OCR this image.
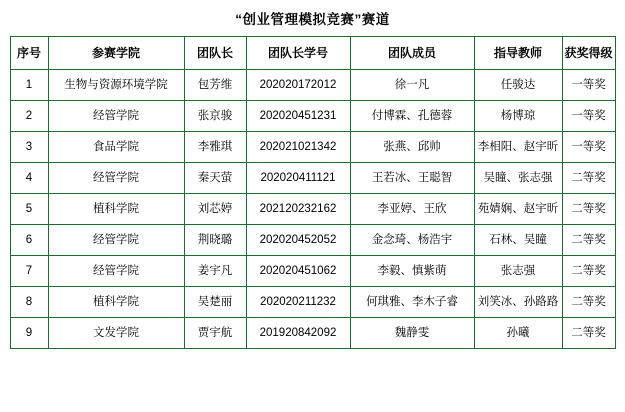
“创业管理模拟竞赛”赛道
序号	参赛学院	团队长	团队长学号	团队成员	指导教师	获奖得级
1	生物与资源环境学院	包芳维	202020172012	徐一凡	任骏达	一等奖
2	经管学院	张京骏	202020451231	付博霖、孔德蓉	杨博琼	一等奖
3	食品学院	李雅琪	202021021342	张燕、邱帅	李相阳、赵宇昕	一等奖
4	经管学院	秦天萤	202020411121	王若冰、王聪智	吴瞳、张志强	二等奖
5	植科学院	刘芯婷	202120232162	李亚婷、王欣	苑婧娴、赵宇昕	二等奖
6	经管学院	荆晓璐	202020452052	金念琦、杨浩宇	石林、吴瞳	二等奖
7	经管学院	姜宇凡	202020451062	李毅、慎紫萌	张志强	二等奖
8	植科学院	吴楚丽	202020211232	何琪雅、李木子睿	刘笑冰、孙路路	二等奖
9	文发学院	贾宇航	201920842092	魏静雯	孙曦	二等奖
